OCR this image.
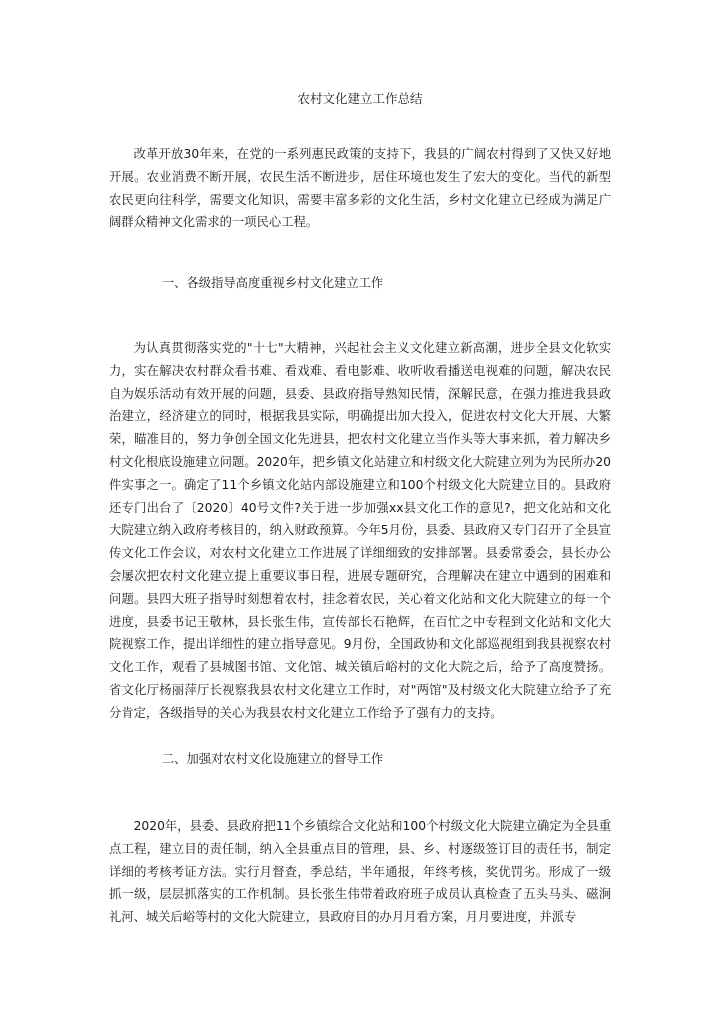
农村文化建立工作总结

改革开放30年来，在党的一系列惠民政策的支持下，我县的广阔农村得到了又快又好地开展。农业消费不断开展，农民生活不断进步，居住环境也发生了宏大的变化。当代的新型农民更向往科学，需要文化知识，需要丰富多彩的文化生活，乡村文化建立已经成为满足广阔群众精神文化需求的一项民心工程。

一、各级指导高度重视乡村文化建立工作

为认真贯彻落实党的"十七"大精神，兴起社会主义文化建立新高潮，进步全县文化软实力，实在解决农村群众看书难、看戏难、看电影难、收听收看播送电视难的问题，解决农民自为娱乐活动有效开展的问题，县委、县政府指导熟知民情，深解民意，在强力推进我县政治建立，经济建立的同时，根据我县实际，明确提出加大投入，促进农村文化大开展、大繁荣，瞄准目的，努力争创全国文化先进县，把农村文化建立当作头等大事来抓，着力解决乡村文化根底设施建立问题。2020年，把乡镇文化站建立和村级文化大院建立列为为民所办20件实事之一。确定了11个乡镇文化站内部设施建立和100个村级文化大院建立目的。县政府还专门出台了〔2020〕40号文件?关于进一步加强xx县文化工作的意见?，把文化站和文化大院建立纳入政府考核目的，纳入财政预算。今年5月份，县委、县政府又专门召开了全县宣传文化工作会议，对农村文化建立工作进展了详细细致的安排部署。县委常委会，县长办公会屡次把农村文化建立提上重要议事日程，进展专题研究，合理解决在建立中遇到的困难和问题。县四大班子指导时刻想着农村，挂念着农民，关心着文化站和文化大院建立的每一个进度，县委书记王敬林，县长张生伟，宣传部长石艳辉，在百忙之中专程到文化站和文化大院视察工作，提出详细性的建立指导意见。9月份，全国政协和文化部巡视组到我县视察农村文化工作，观看了县城图书馆、文化馆、城关镇后峪村的文化大院之后，给予了高度赞扬。省文化厅杨丽萍厅长视察我县农村文化建立工作时，对"两馆"及村级文化大院建立给予了充分肯定，各级指导的关心为我县农村文化建立工作给予了强有力的支持。

二、加强对农村文化设施建立的督导工作

2020年，县委、县政府把11个乡镇综合文化站和100个村级文化大院建立确定为全县重点工程，建立目的责任制，纳入全县重点目的管理，县、乡、村逐级签订目的责任书，制定详细的考核考证方法。实行月督查，季总结，半年通报，年终考核，奖优罚劣。形成了一级抓一级，层层抓落实的工作机制。县长张生伟带着政府班子成员认真检查了五头马头、磁涧礼河、城关后峪等村的文化大院建立，县政府目的办月月看方案，月月要进度，并派专
